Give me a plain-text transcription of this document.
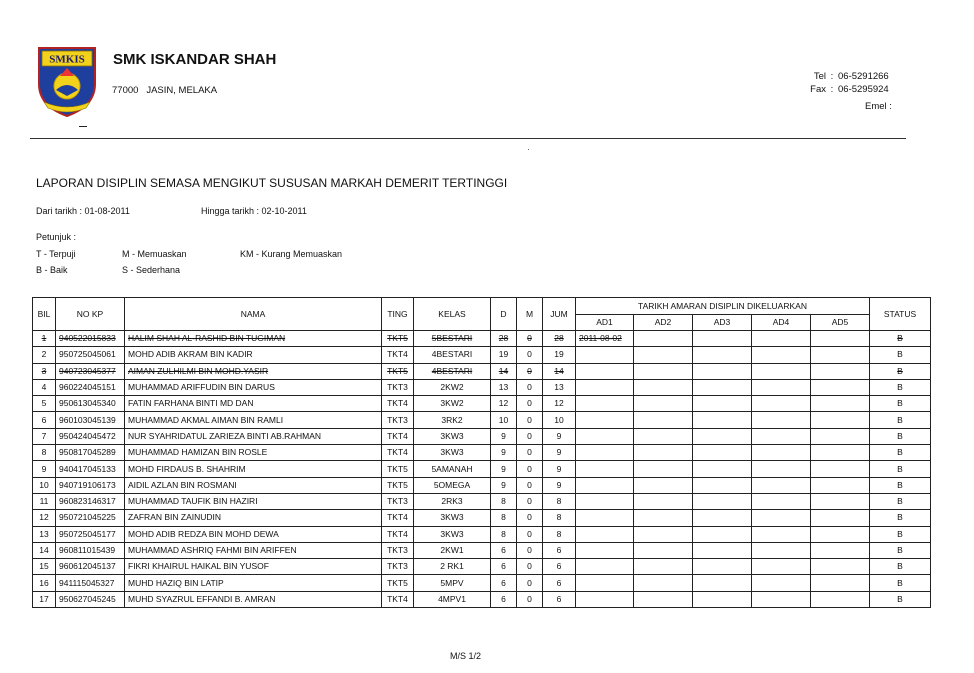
SMKIS SMK ISKANDAR SHAH
77000   JASIN, MELAKA
Tel : 06-5291266
Fax : 06-5295924
Emel :
LAPORAN DISIPLIN SEMASA MENGIKUT SUSUSAN MARKAH DEMERIT TERTINGGI
Dari tarikh : 01-08-2011	Hingga tarikh : 02-10-2011
Petunjuk :
T - Terpuji	M - Memuaskan	KM - Kurang Memuaskan
B - Baik	S - Sederhana
BIL	NO KP	NAMA	TING	KELAS	D	M	JUM	TARIKH AMARAN DISIPLIN DIKELUARKAN					STATUS
								AD1	AD2	AD3	AD4	AD5	
1	940522015833	HALIM SHAH AL-RASHID BIN TUGIMAN	TKT5	5BESTARI	28	0	28	2011-08-02					B
2	950725045061	MOHD ADIB AKRAM BIN KADIR	TKT4	4BESTARI	19	0	19						B
3	940723045377	AIMAN ZULHILMI BIN MOHD.YASIR	TKT5	4BESTARI	14	0	14						B
4	960224045151	MUHAMMAD ARIFFUDIN BIN DARUS	TKT3	2KW2	13	0	13						B
5	950613045340	FATIN FARHANA BINTI MD DAN	TKT4	3KW2	12	0	12						B
6	960103045139	MUHAMMAD AKMAL AIMAN BIN RAMLI	TKT3	3RK2	10	0	10						B
7	950424045472	NUR SYAHRIDATUL ZARIEZA BINTI AB.RAHMAN	TKT4	3KW3	9	0	9						B
8	950817045289	MUHAMMAD HAMIZAN BIN ROSLE	TKT4	3KW3	9	0	9						B
9	940417045133	MOHD FIRDAUS B. SHAHRIM	TKT5	5AMANAH	9	0	9						B
10	940719106173	AIDIL AZLAN BIN ROSMANI	TKT5	5OMEGA	9	0	9						B
11	960823146317	MUHAMMAD TAUFIK BIN HAZIRI	TKT3	2RK3	8	0	8						B
12	950721045225	ZAFRAN BIN ZAINUDIN	TKT4	3KW3	8	0	8						B
13	950725045177	MOHD ADIB REDZA BIN MOHD DEWA	TKT4	3KW3	8	0	8						B
14	960811015439	MUHAMMAD ASHRIQ FAHMI BIN ARIFFEN	TKT3	2KW1	6	0	6						B
15	960612045137	FIKRI KHAIRUL HAIKAL BIN YUSOF	TKT3	2 RK1	6	0	6						B
16	941115045327	MUHD HAZIQ BIN LATIP	TKT5	5MPV	6	0	6						B
17	950627045245	MUHD SYAZRUL EFFANDI B. AMRAN	TKT4	4MPV1	6	0	6						B
M/S 1/2
